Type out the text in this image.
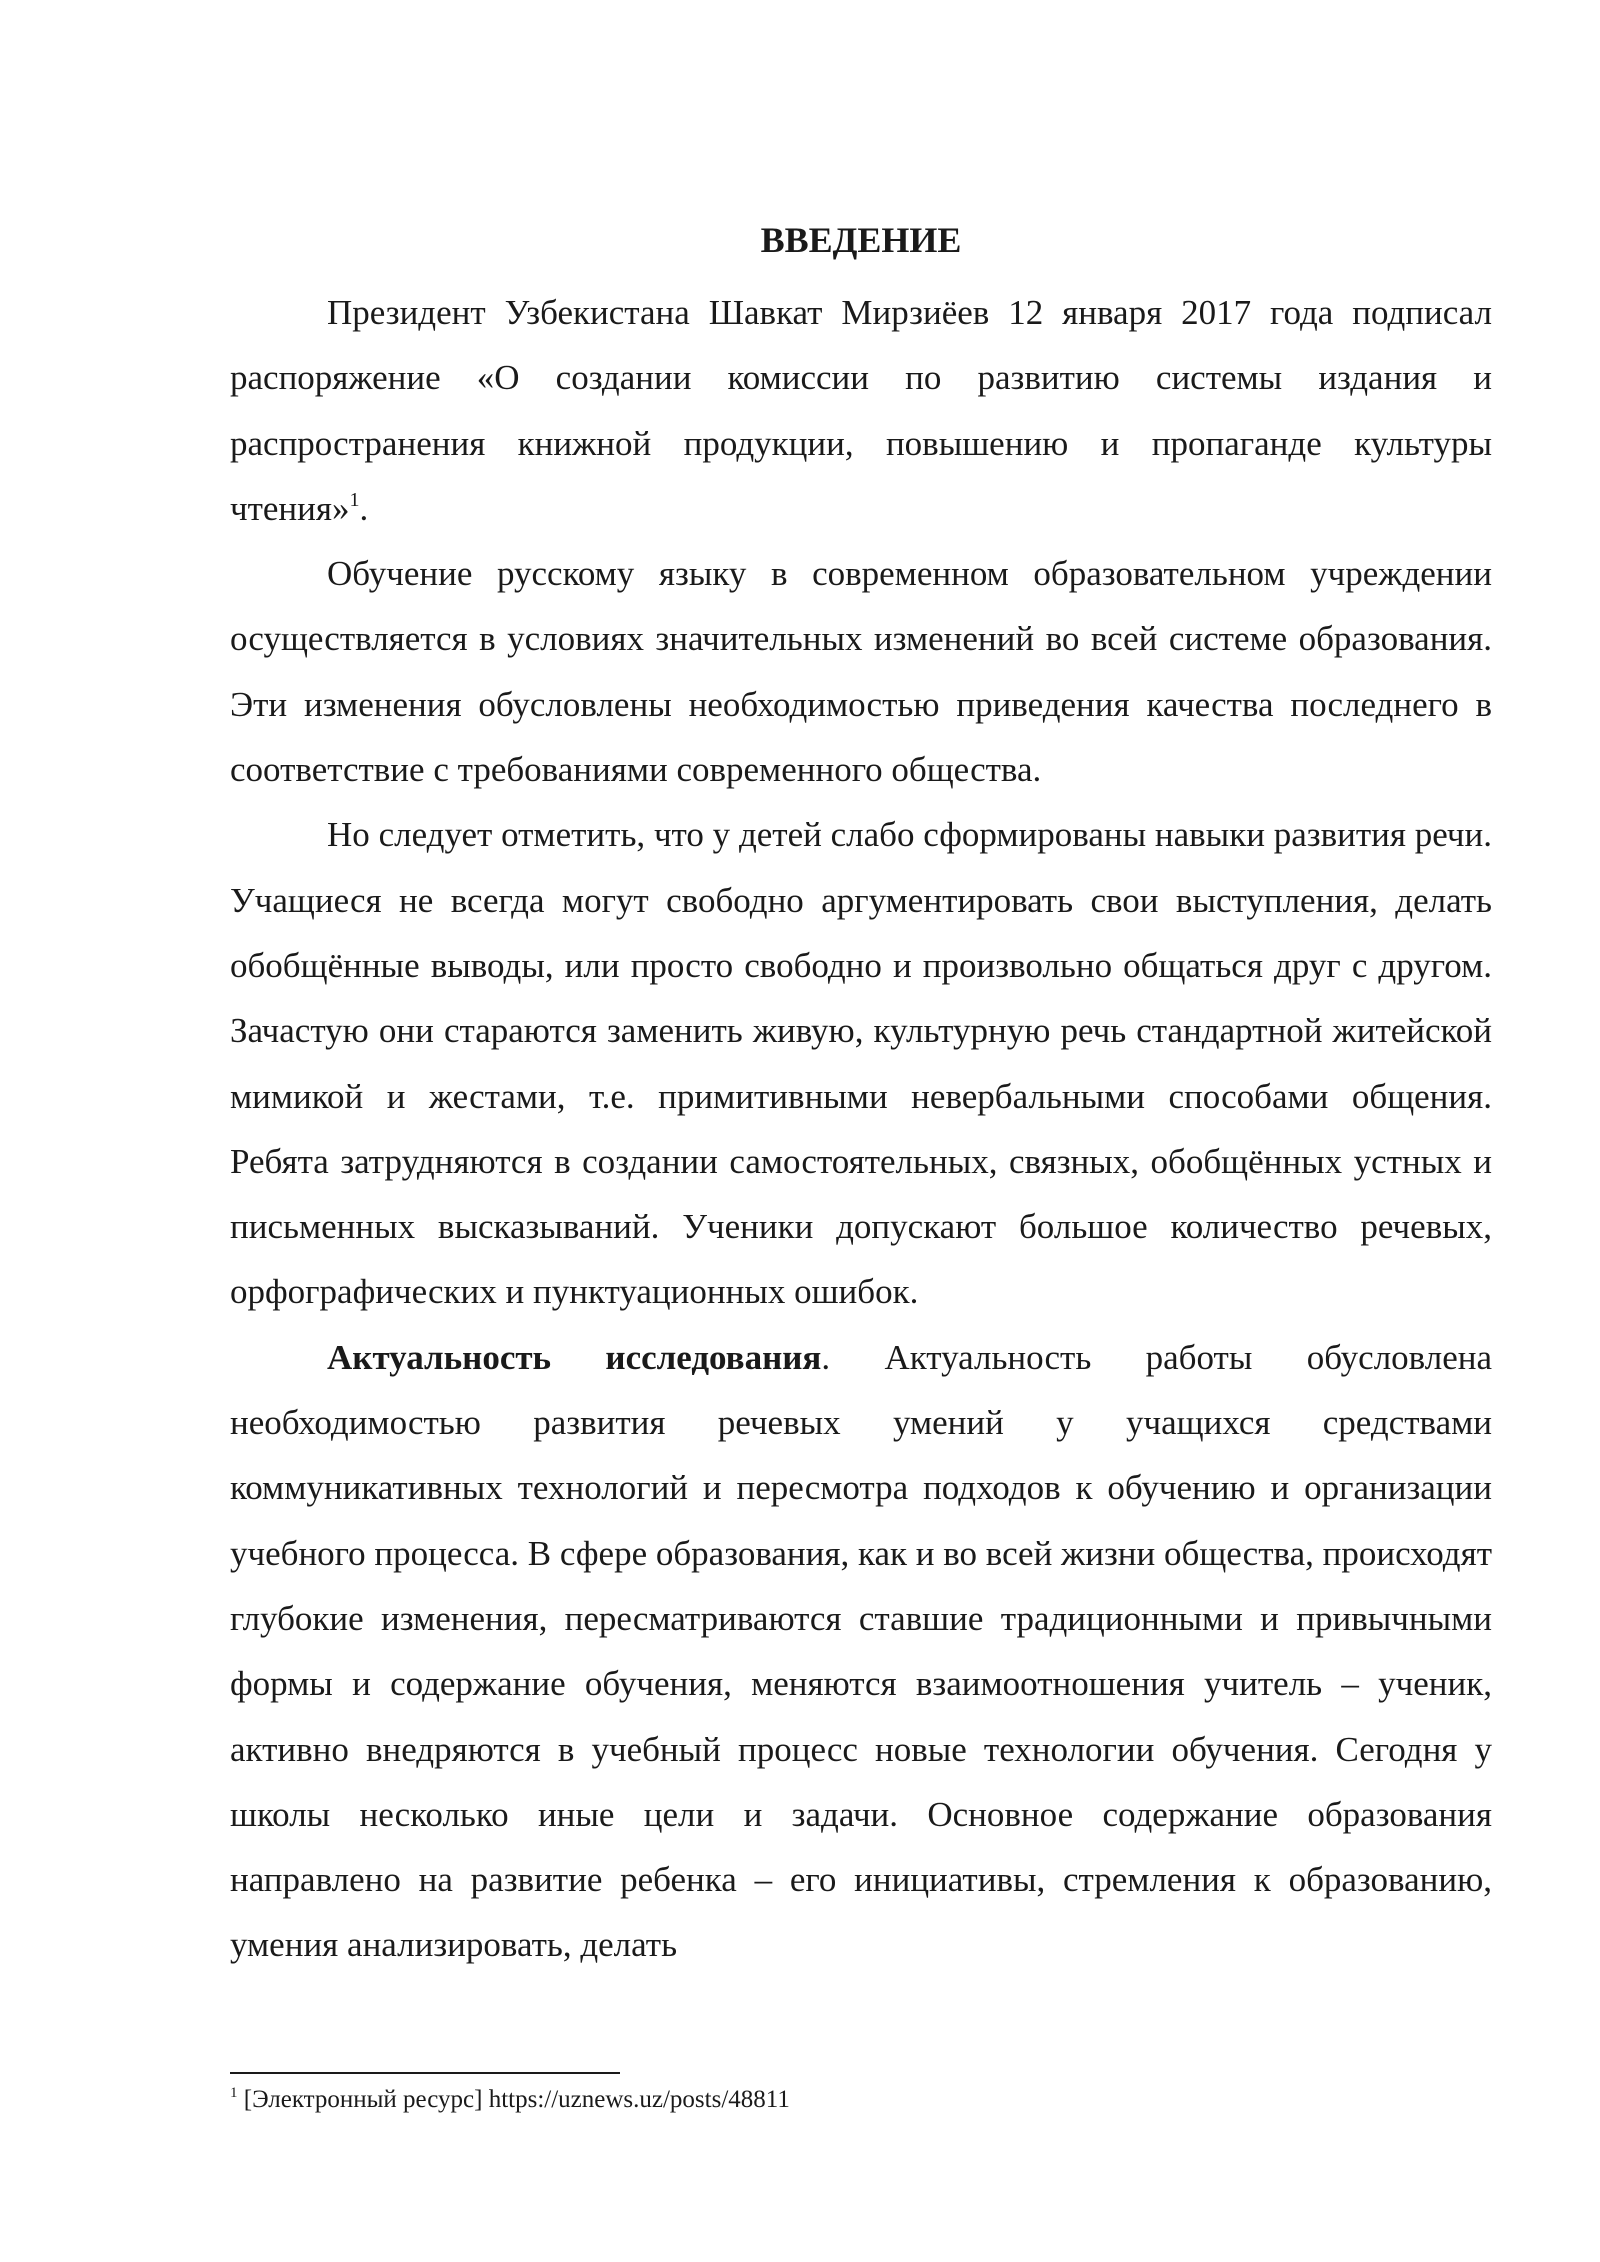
ВВЕДЕНИЕ

Президент Узбекистана Шавкат Мирзиёев 12 января 2017 года подписал распоряжение «О создании комиссии по развитию системы издания и распространения книжной продукции, повышению и пропаганде культуры чтения»$^1$.

Обучение русскому языку в современном образовательном учреждении осуществляется в условиях значительных изменений во всей системе образования. Эти изменения обусловлены необходимостью приведения качества последнего в соответствие с требованиями современного общества.

Но следует отметить, что у детей слабо сформированы навыки развития речи. Учащиеся не всегда могут свободно аргументировать свои выступления, делать обобщённые выводы, или просто свободно и произвольно общаться друг с другом. Зачастую они стараются заменить живую, культурную речь стандартной житейской мимикой и жестами, т.е. примитивными невербальными способами общения. Ребята затрудняются в создании самостоятельных, связных, обобщённых устных и письменных высказываний. Ученики допускают большое количество речевых, орфографических и пунктуационных ошибок.

Актуальность исследования. Актуальность работы обусловлена необходимостью развития речевых умений у учащихся средствами коммуникативных технологий и пересмотра подходов к обучению и организации учебного процесса. В сфере образования, как и во всей жизни общества, происходят глубокие изменения, пересматриваются ставшие традиционными и привычными формы и содержание обучения, меняются взаимоотношения учитель – ученик, активно внедряются в учебный процесс новые технологии обучения. Сегодня у школы несколько иные цели и задачи. Основное содержание образования направлено на развитие ребенка – его инициативы, стремления к образованию, умения анализировать, делать

$^1$ [Электронный ресурс] https://uznews.uz/posts/48811
